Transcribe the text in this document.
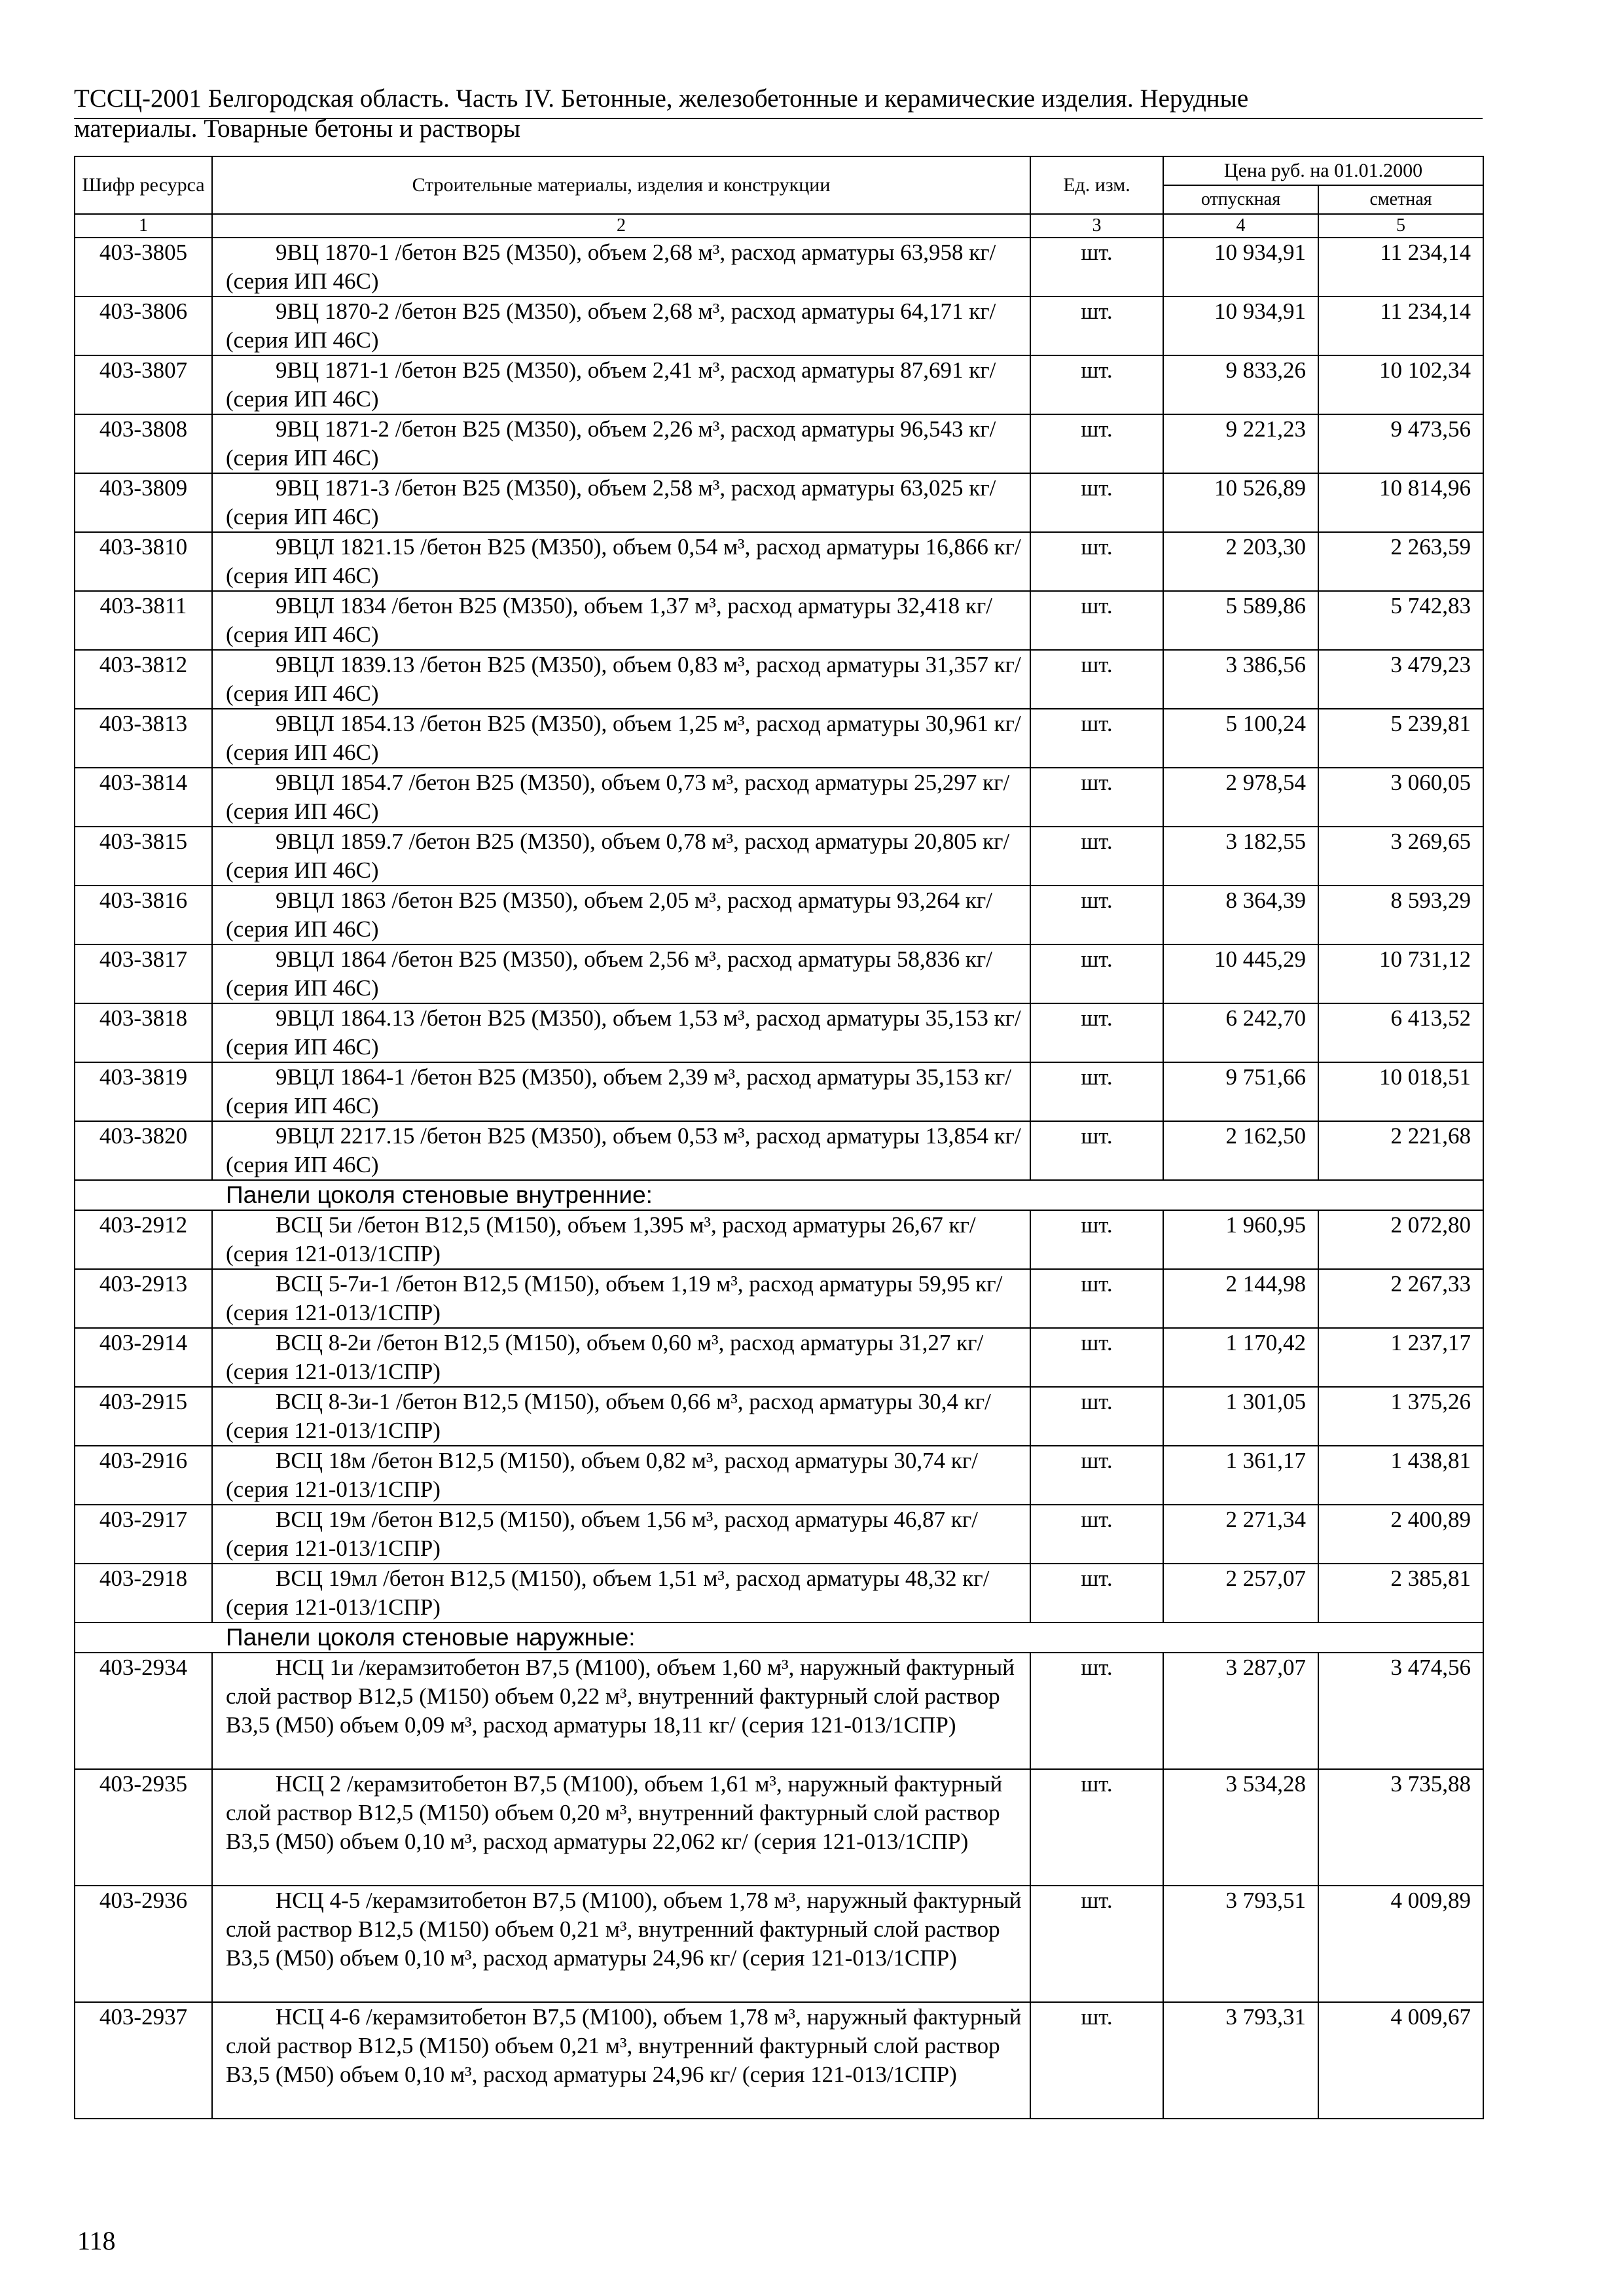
ТССЦ-2001 Белгородская область. Часть IV. Бетонные, железобетонные и керамические изделия. Нерудные
материалы. Товарные бетоны и растворы
Шифр ресурса	Строительные материалы, изделия и конструкции	Ед. изм.	Цена руб. на 01.01.2000	
			отпускная	сметная
1	2	3	4	5
403-3805	9ВЦ 1870-1 /бетон В25 (М350), объем 2,68 м³, расход арматуры 63,958 кг/ (серия ИП 46С)	шт.	10 934,91	11 234,14
403-3806	9ВЦ 1870-2 /бетон В25 (М350), объем 2,68 м³, расход арматуры 64,171 кг/ (серия ИП 46С)	шт.	10 934,91	11 234,14
403-3807	9ВЦ 1871-1 /бетон В25 (М350), объем 2,41 м³, расход арматуры 87,691 кг/ (серия ИП 46С)	шт.	9 833,26	10 102,34
403-3808	9ВЦ 1871-2 /бетон В25 (М350), объем 2,26 м³, расход арматуры 96,543 кг/ (серия ИП 46С)	шт.	9 221,23	9 473,56
403-3809	9ВЦ 1871-3 /бетон В25 (М350), объем 2,58 м³, расход арматуры 63,025 кг/ (серия ИП 46С)	шт.	10 526,89	10 814,96
403-3810	9ВЦЛ 1821.15 /бетон В25 (М350), объем 0,54 м³, расход арматуры 16,866 кг/ (серия ИП 46С)	шт.	2 203,30	2 263,59
403-3811	9ВЦЛ 1834 /бетон В25 (М350), объем 1,37 м³, расход арматуры 32,418 кг/ (серия ИП 46С)	шт.	5 589,86	5 742,83
403-3812	9ВЦЛ 1839.13 /бетон В25 (М350), объем 0,83 м³, расход арматуры 31,357 кг/ (серия ИП 46С)	шт.	3 386,56	3 479,23
403-3813	9ВЦЛ 1854.13 /бетон В25 (М350), объем 1,25 м³, расход арматуры 30,961 кг/ (серия ИП 46С)	шт.	5 100,24	5 239,81
403-3814	9ВЦЛ 1854.7 /бетон В25 (М350), объем 0,73 м³, расход арматуры 25,297 кг/ (серия ИП 46С)	шт.	2 978,54	3 060,05
403-3815	9ВЦЛ 1859.7 /бетон В25 (М350), объем 0,78 м³, расход арматуры 20,805 кг/ (серия ИП 46С)	шт.	3 182,55	3 269,65
403-3816	9ВЦЛ 1863 /бетон В25 (М350), объем 2,05 м³, расход арматуры 93,264 кг/ (серия ИП 46С)	шт.	8 364,39	8 593,29
403-3817	9ВЦЛ 1864 /бетон В25 (М350), объем 2,56 м³, расход арматуры 58,836 кг/ (серия ИП 46С)	шт.	10 445,29	10 731,12
403-3818	9ВЦЛ 1864.13 /бетон В25 (М350), объем 1,53 м³, расход арматуры 35,153 кг/ (серия ИП 46С)	шт.	6 242,70	6 413,52
403-3819	9ВЦЛ 1864-1 /бетон В25 (М350), объем 2,39 м³, расход арматуры 35,153 кг/ (серия ИП 46С)	шт.	9 751,66	10 018,51
403-3820	9ВЦЛ 2217.15 /бетон В25 (М350), объем 0,53 м³, расход арматуры 13,854 кг/ (серия ИП 46С)	шт.	2 162,50	2 221,68
Панели цоколя стеновые внутренние:				
403-2912	ВСЦ 5и /бетон В12,5 (М150), объем 1,395 м³, расход арматуры 26,67 кг/ (серия 121-013/1СПР)	шт.	1 960,95	2 072,80
403-2913	ВСЦ 5-7и-1 /бетон В12,5 (М150), объем 1,19 м³, расход арматуры 59,95 кг/ (серия 121-013/1СПР)	шт.	2 144,98	2 267,33
403-2914	ВСЦ 8-2и /бетон В12,5 (М150), объем 0,60 м³, расход арматуры 31,27 кг/ (серия 121-013/1СПР)	шт.	1 170,42	1 237,17
403-2915	ВСЦ 8-3и-1 /бетон В12,5 (М150), объем 0,66 м³, расход арматуры 30,4 кг/ (серия 121-013/1СПР)	шт.	1 301,05	1 375,26
403-2916	ВСЦ 18м /бетон В12,5 (М150), объем 0,82 м³, расход арматуры 30,74 кг/ (серия 121-013/1СПР)	шт.	1 361,17	1 438,81
403-2917	ВСЦ 19м /бетон В12,5 (М150), объем 1,56 м³, расход арматуры 46,87 кг/ (серия 121-013/1СПР)	шт.	2 271,34	2 400,89
403-2918	ВСЦ 19мл /бетон В12,5 (М150), объем 1,51 м³, расход арматуры 48,32 кг/ (серия 121-013/1СПР)	шт.	2 257,07	2 385,81
Панели цоколя стеновые наружные:				
403-2934	НСЦ 1и /керамзитобетон В7,5 (М100), объем 1,60 м³, наружный фактурный слой раствор В12,5 (М150) объем 0,22 м³, внутренний фактурный слой раствор В3,5 (М50) объем 0,09 м³, расход арматуры 18,11 кг/ (серия 121-013/1СПР)	шт.	3 287,07	3 474,56
403-2935	НСЦ 2 /керамзитобетон В7,5 (М100), объем 1,61 м³, наружный фактурный слой раствор В12,5 (М150) объем 0,20 м³, внутренний фактурный слой раствор В3,5 (М50) объем 0,10 м³, расход арматуры 22,062 кг/ (серия 121-013/1СПР)	шт.	3 534,28	3 735,88
403-2936	НСЦ 4-5 /керамзитобетон В7,5 (М100), объем 1,78 м³, наружный фактурный слой раствор В12,5 (М150) объем 0,21 м³, внутренний фактурный слой раствор В3,5 (М50) объем 0,10 м³, расход арматуры 24,96 кг/ (серия 121-013/1СПР)	шт.	3 793,51	4 009,89
403-2937	НСЦ 4-6 /керамзитобетон В7,5 (М100), объем 1,78 м³, наружный фактурный слой раствор В12,5 (М150) объем 0,21 м³, внутренний фактурный слой раствор В3,5 (М50) объем 0,10 м³, расход арматуры 24,96 кг/ (серия 121-013/1СПР)	шт.	3 793,31	4 009,67
118
